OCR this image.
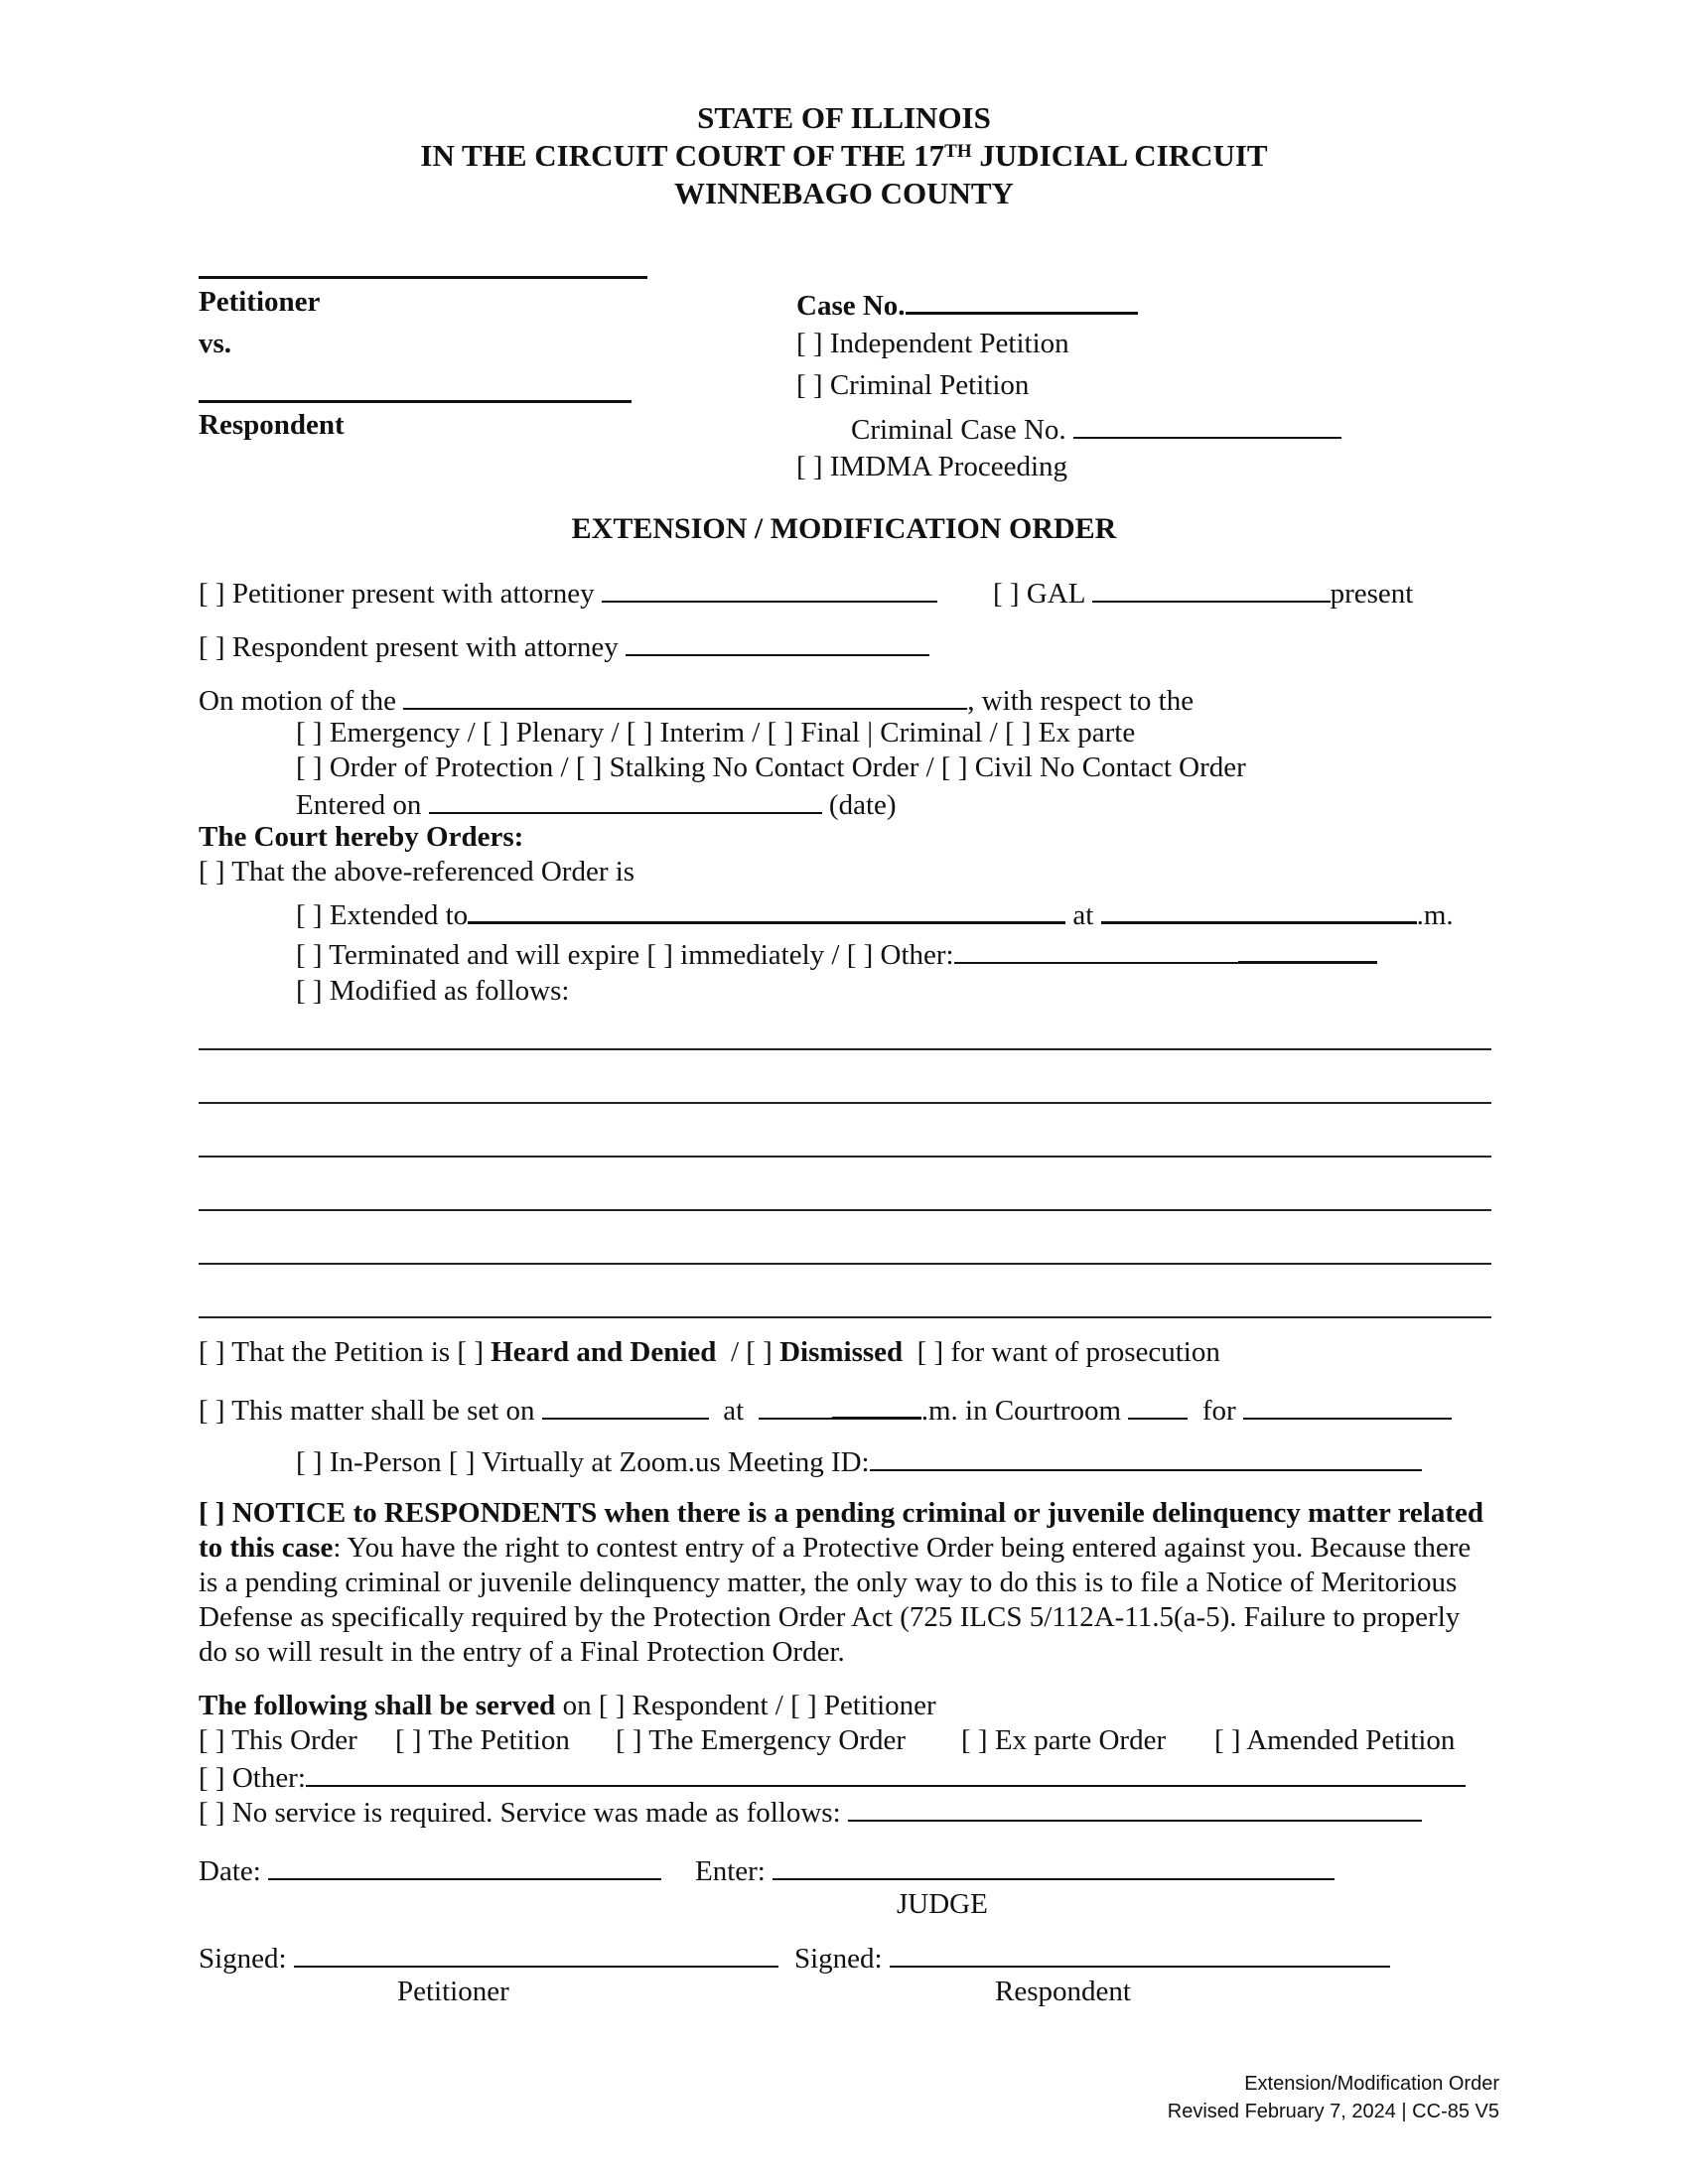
STATE OF ILLINOIS
IN THE CIRCUIT COURT OF THE 17TH JUDICIAL CIRCUIT
WINNEBAGO COUNTY
Petitioner
vs.
Respondent
Case No.
[ ] Independent Petition
[ ] Criminal Petition
Criminal Case No.
[ ] IMDMA Proceeding
EXTENSION / MODIFICATION ORDER
[ ] Petitioner present with attorney	[ ] GAL	present
[ ] Respondent present with attorney
On motion of the	, with respect to the
[ ] Emergency / [ ] Plenary / [ ] Interim / [ ] Final | Criminal / [ ] Ex parte
[ ] Order of Protection / [ ] Stalking No Contact Order / [ ] Civil No Contact Order
Entered on	(date)
The Court hereby Orders:
[ ] That the above-referenced Order is
[ ] Extended to	at	.m.
[ ] Terminated and will expire [ ] immediately / [ ] Other:
[ ] Modified as follows:
[ ] That the Petition is [ ] Heard and Denied  / [ ] Dismissed [ ] for want of prosecution
[ ] This matter shall be set on	at	.m. in Courtroom	for
[ ] In-Person [ ] Virtually at Zoom.us Meeting ID:
[ ] NOTICE to RESPONDENTS when there is a pending criminal or juvenile delinquency matter related to this case: You have the right to contest entry of a Protective Order being entered against you. Because there is a pending criminal or juvenile delinquency matter, the only way to do this is to file a Notice of Meritorious Defense as specifically required by the Protection Order Act (725 ILCS 5/112A-11.5(a-5). Failure to properly do so will result in the entry of a Final Protection Order.
The following shall be served on [ ] Respondent / [ ] Petitioner
[ ] This Order [ ] The Petition [ ] The Emergency Order [ ] Ex parte Order [ ] Amended Petition
[ ] Other:
[ ] No service is required. Service was made as follows:
Date:	Enter:
JUDGE
Signed:	Signed:
Petitioner	Respondent
Extension/Modification Order
Revised February 7, 2024 | CC-85 V5
